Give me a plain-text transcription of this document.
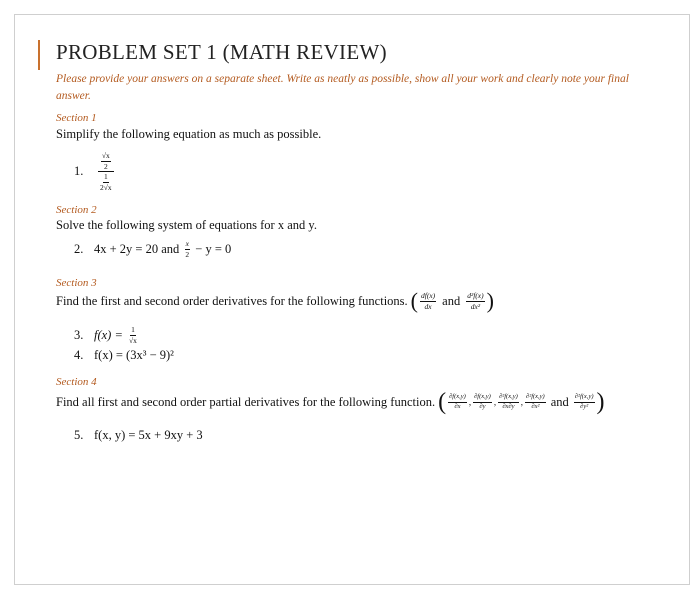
PROBLEM SET 1 (MATH REVIEW)
Please provide your answers on a separate sheet. Write as neatly as possible, show all your work and clearly note your final answer.
Section 1
Simplify the following equation as much as possible.
1.	$\frac{\frac{√x}{2}}{\frac{1}{2√x}}$
Section 2
Solve the following system of equations for x and y.
2. 4x + 2y = 20 and $\frac{x}{2} - y = 0$
Section 3
Find the first and second order derivatives for the following functions. ( $\frac{df(x)}{dx}$ and $\frac{\text{d²f(x)}}{\text{dx²}}$ )
3. $f(x) = \frac{1}{√x}$
4. f(x) = (3x³ − 9)²
Section 4
Find all first and second order partial derivatives for the following function. ( $\frac{\partial f(x,y)}{\partial x}$ , $\frac{\partial f(x,y)}{\partial y}$ , $\frac{\text{∂²f(x,y)}}{\partial x\partial y}$ , $\frac{\text{∂²f(x,y)}}{\text{∂x²}}$ and $\frac{\text{∂²f(x,y)}}{\text{∂y²}}$ )
5. f(x, y) = 5x + 9xy + 3
